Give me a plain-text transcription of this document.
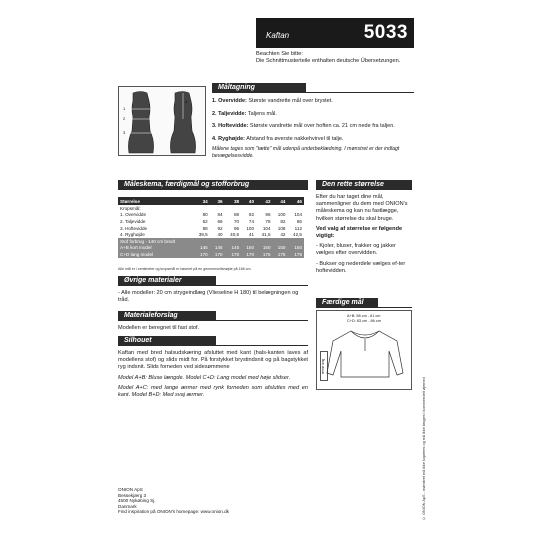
Kaftan	5033
Beachten Sie bitte:
Die Schnittmusterteile enthalten deutsche Übersetzungen.
Måltagning
1
2
3
4	1. Overvidde: Største vandrette mål over brystet.

2. Taljevidde: Taljens mål.

3. Hoftevidde: Største vandrette mål over hoften ca. 21 cm nede fra taljen.

4. Ryghøjde: Afstand fra øverste nakkehvirvel til talje.

Målene tages som "tætte" mål udenpå underbeklædning. I mønstret er der indlagt bevægelsesvidde.
Måleskema, færdigmål og stofforbrug
Størrelse	34	36	38	40	42	44	46
Kropsmål:							
1. Overvidde	80	84	88	92	96	100	104
2. Taljevidde	62	66	70	74	78	82	86
3. Hoftevidde	88	92	96	100	104	108	112
4. Ryghøjde	39,5	40	40,5	41	41,5	42	42,5
Stof forbrug - 140 cm bredt							
A+B kort model	145	145	145	150	150	150	150
C+D lang model	170	170	170	170	175	175	175
Alle mål er i centimeter og kropsmål er baseret på en gennemsnitshøjde på 168 cm.
Øvrige materialer
- Alle modeller: 20 cm strygeindlæg (Vlieseline H 180) til belægningen og tråd.
Materialeforslag
Modellen er beregnet til fast stof.
Silhouet

Kaftan med bred halsudskæring afsluttet med kant (hals-kanten laves af modellens stof) og slids midt for. På forstykket brystindsnit og på bagstykket ryg indsnit. Slids forneden ved sidesømmene

Model A+B: Bluse længde. Model C+D: Lang model med høje slidser.

Model A+C: med lange ærmer med rynk forneden som afsluttes med en kant. Model B+D: Med svaj ærmer.

Den rette størrelse

Efter du har taget dine mål, sammenligner du dem med ONION's måleskema og kan nu fastlægge, hvilken størrelse du skal bruge.

Ved valg af størrelse er følgende vigtigt:

- Kjoler, bluser, frakker og jakker vælges efter overvidden.

- Bukser og nederdele vælges ef-ter hoftevidden.

Færdige mål
A+B: 58 cm - 61 cm
C+D: 83 cm - 86 cm
ærme lang
ONION ApS
Bessekjærg 3
4500 Nykøbing Sj.
Danmark
Find inspiration på ONION's homepage: www.onion.dk	© ONION ApS - mønstret må ikke kopieres og må ikke bruges i kommercielt øjemed
